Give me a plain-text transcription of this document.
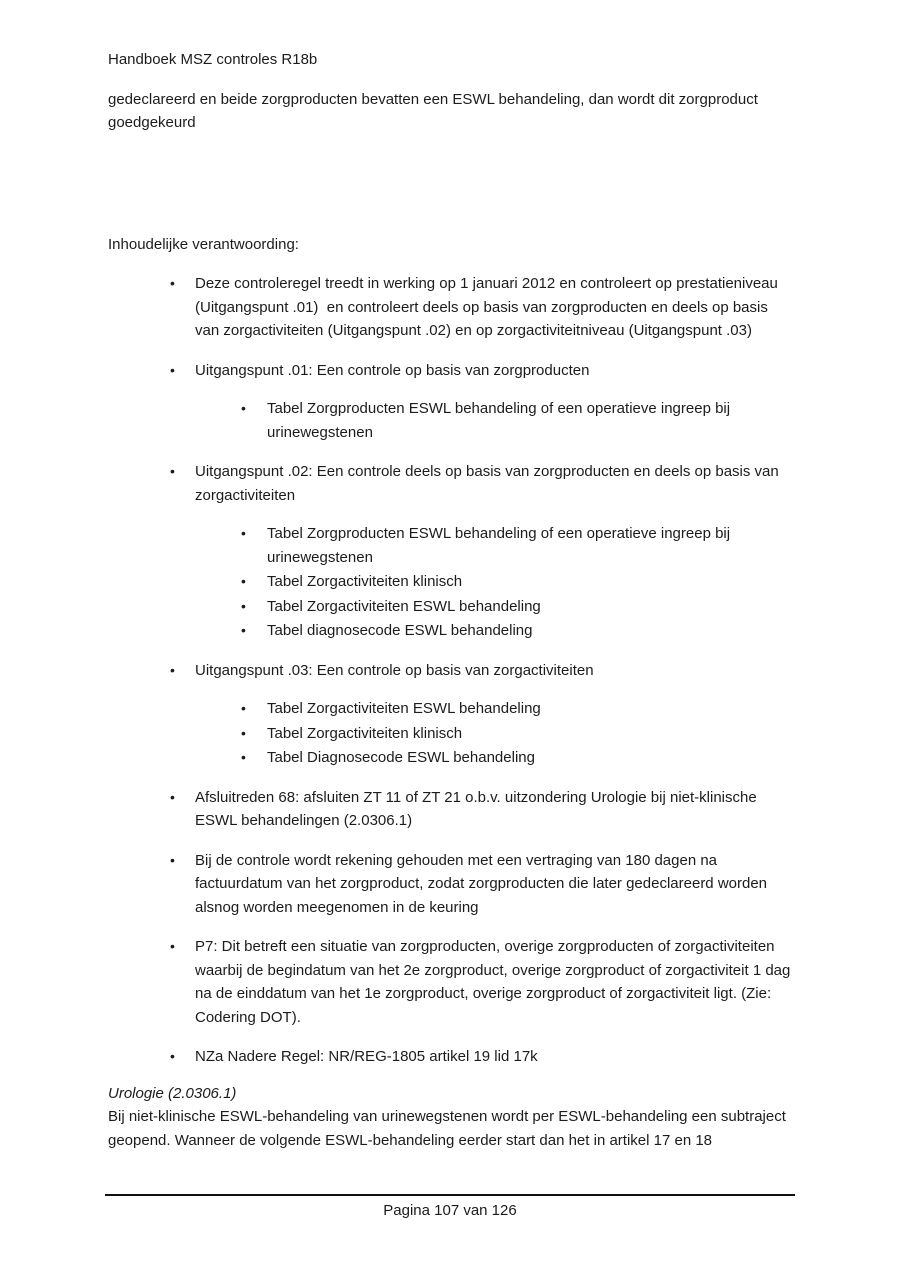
Handboek MSZ controles R18b

gedeclareerd en beide zorgproducten bevatten een ESWL behandeling, dan wordt dit zorgproduct goedgekeurd

Inhoudelijke verantwoording:

• Deze controleregel treedt in werking op 1 januari 2012 en controleert op prestatieniveau (Uitgangspunt .01)  en controleert deels op basis van zorgproducten en deels op basis van zorgactiviteiten (Uitgangspunt .02) en op zorgactiviteitniveau (Uitgangspunt .03)
• Uitgangspunt .01: Een controle op basis van zorgproducten
• Tabel Zorgproducten ESWL behandeling of een operatieve ingreep bij urinewegstenen
• Uitgangspunt .02: Een controle deels op basis van zorgproducten en deels op basis van zorgactiviteiten
• Tabel Zorgproducten ESWL behandeling of een operatieve ingreep bij urinewegstenen
• Tabel Zorgactiviteiten klinisch
• Tabel Zorgactiviteiten ESWL behandeling
• Tabel diagnosecode ESWL behandeling
• Uitgangspunt .03: Een controle op basis van zorgactiviteiten
• Tabel Zorgactiviteiten ESWL behandeling
• Tabel Zorgactiviteiten klinisch
• Tabel Diagnosecode ESWL behandeling
• Afsluitreden 68: afsluiten ZT 11 of ZT 21 o.b.v. uitzondering Urologie bij niet-klinische ESWL behandelingen (2.0306.1)
• Bij de controle wordt rekening gehouden met een vertraging van 180 dagen na factuurdatum van het zorgproduct, zodat zorgproducten die later gedeclareerd worden alsnog worden meegenomen in de keuring
• P7: Dit betreft een situatie van zorgproducten, overige zorgproducten of zorgactiviteiten waarbij de begindatum van het 2e zorgproduct, overige zorgproduct of zorgactiviteit 1 dag na de einddatum van het 1e zorgproduct, overige zorgproduct of zorgactiviteit ligt. (Zie: Codering DOT).
• NZa Nadere Regel: NR/REG-1805 artikel 19 lid 17k

Urologie (2.0306.1)

Bij niet-klinische ESWL-behandeling van urinewegstenen wordt per ESWL-behandeling een subtraject geopend. Wanneer de volgende ESWL-behandeling eerder start dan het in artikel 17 en 18

Pagina 107 van 126
